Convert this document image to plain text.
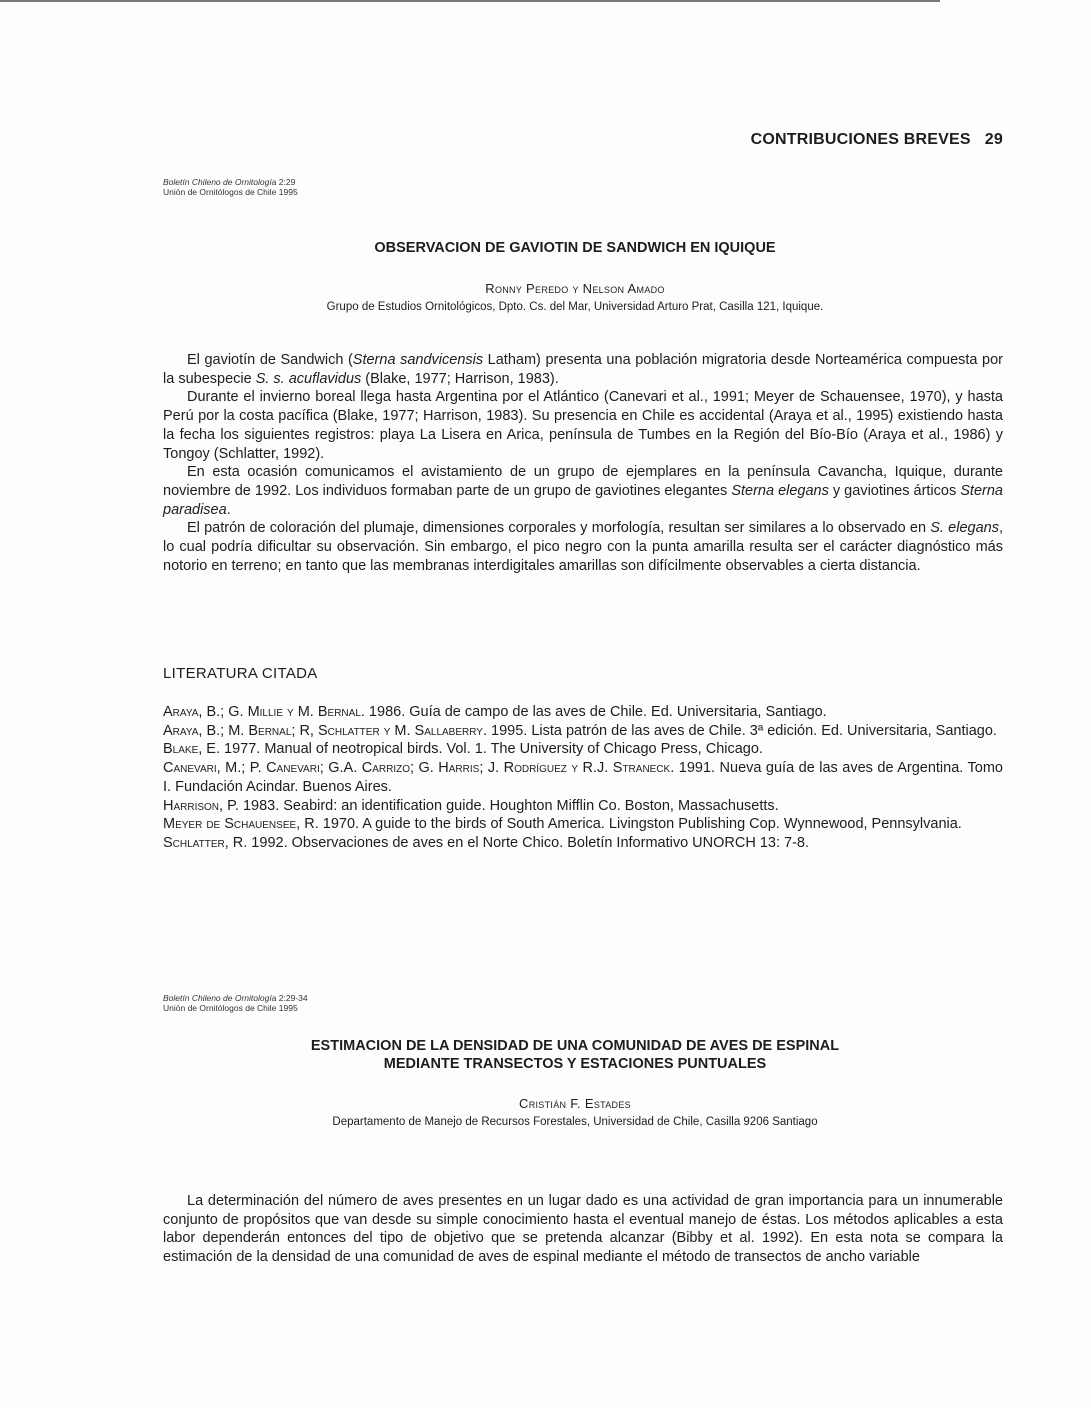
CONTRIBUCIONES BREVES 29
Boletín Chileno de Ornitología 2:29
Unión de Ornitólogos de Chile 1995
OBSERVACION DE GAVIOTIN DE SANDWICH EN IQUIQUE
Ronny Peredo y Nelson Amado
Grupo de Estudios Ornitológicos, Dpto. Cs. del Mar, Universidad Arturo Prat, Casilla 121, Iquique.

El gaviotín de Sandwich (Sterna sandvicensis Latham) presenta una población migratoria desde Norteamérica compuesta por la subespecie S. s. acuflavidus (Blake, 1977; Harrison, 1983).

Durante el invierno boreal llega hasta Argentina por el Atlántico (Canevari et al., 1991; Meyer de Schauensee, 1970), y hasta Perú por la costa pacífica (Blake, 1977; Harrison, 1983). Su presencia en Chile es accidental (Araya et al., 1995) existiendo hasta la fecha los siguientes registros: playa La Lisera en Arica, península de Tumbes en la Región del Bío-Bío (Araya et al., 1986) y Tongoy (Schlatter, 1992).

En esta ocasión comunicamos el avistamiento de un grupo de ejemplares en la península Cavancha, Iquique, durante noviembre de 1992. Los individuos formaban parte de un grupo de gaviotines elegantes Sterna elegans y gaviotines árticos Sterna paradisea.

El patrón de coloración del plumaje, dimensiones corporales y morfología, resultan ser similares a lo observado en S. elegans, lo cual podría dificultar su observación. Sin embargo, el pico negro con la punta amarilla resulta ser el carácter diagnóstico más notorio en terreno; en tanto que las membranas interdigitales amarillas son difícilmente observables a cierta distancia.

LITERATURA CITADA

Araya, B.; G. Millie y M. Bernal. 1986. Guía de campo de las aves de Chile. Ed. Universitaria, Santiago.

Araya, B.; M. Bernal; R, Schlatter y M. Sallaberry. 1995. Lista patrón de las aves de Chile. 3ª edición. Ed. Universitaria, Santiago.

Blake, E. 1977. Manual of neotropical birds. Vol. 1. The University of Chicago Press, Chicago.

Canevari, M.; P. Canevari; G.A. Carrizo; G. Harris; J. Rodríguez y R.J. Straneck. 1991. Nueva guía de las aves de Argentina. Tomo I. Fundación Acindar. Buenos Aires.

Harrison, P. 1983. Seabird: an identification guide. Houghton Mifflin Co. Boston, Massachusetts.

Meyer de Schauensee, R. 1970. A guide to the birds of South America. Livingston Publishing Cop. Wynnewood, Pennsylvania.

Schlatter, R. 1992. Observaciones de aves en el Norte Chico. Boletín Informativo UNORCH 13: 7-8.

Boletín Chileno de Ornitología 2:29-34
Unión de Ornitólogos de Chile 1995
ESTIMACION DE LA DENSIDAD DE UNA COMUNIDAD DE AVES DE ESPINAL
MEDIANTE TRANSECTOS Y ESTACIONES PUNTUALES
Cristián F. Estades
Departamento de Manejo de Recursos Forestales, Universidad de Chile, Casilla 9206 Santiago

La determinación del número de aves presentes en un lugar dado es una actividad de gran importancia para un innumerable conjunto de propósitos que van desde su simple conocimiento hasta el eventual manejo de éstas. Los métodos aplicables a esta labor dependerán entonces del tipo de objetivo que se pretenda alcanzar (Bibby et al. 1992). En esta nota se compara la estimación de la densidad de una comunidad de aves de espinal mediante el método de transectos de ancho variable
